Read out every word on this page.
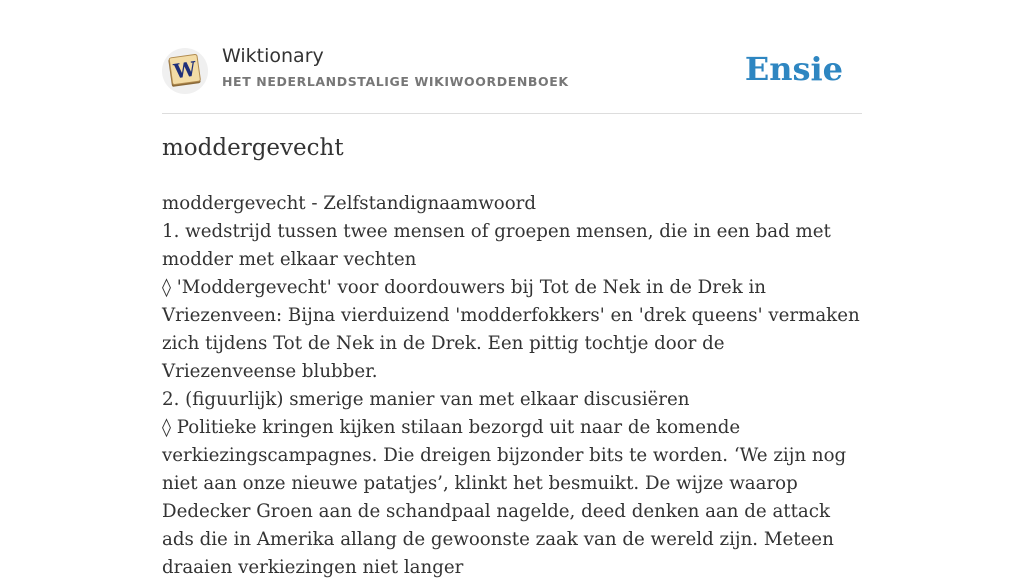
W
Wiktionary
HET NEDERLANDSTALIGE WIKIWOORDENBOEK	Ensie
moddergevecht

moddergevecht - Zelfstandignaamwoord

1. wedstrijd tussen twee mensen of groepen mensen, die in een bad met modder met elkaar vechten

◊ 'Moddergevecht' voor doordouwers bij Tot de Nek in de Drek in Vriezenveen: Bijna vierduizend 'modderfokkers' en 'drek queens' vermaken zich tijdens Tot de Nek in de Drek. Een pittig tochtje door de Vriezenveense blubber.

2. (figuurlijk) smerige manier van met elkaar discusiëren

◊ Politieke kringen kijken stilaan bezorgd uit naar de komende verkiezingscampagnes. Die dreigen bijzonder bits te worden. ‘We zijn nog niet aan onze nieuwe patatjes’, klinkt het besmuikt. De wijze waarop Dedecker Groen aan de schandpaal nagelde, deed denken aan de attack ads die in Amerika allang de gewoonste zaak van de wereld zijn. Meteen draaien verkiezingen niet langer
